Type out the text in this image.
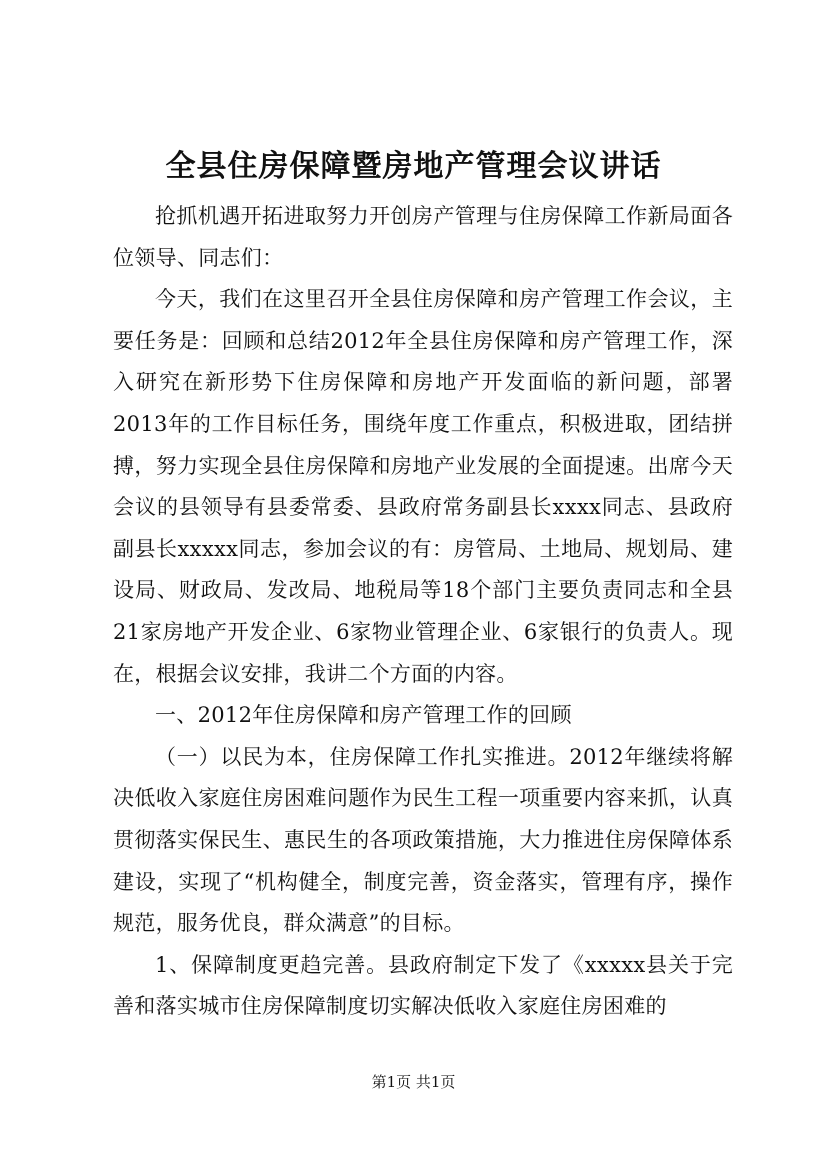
全县住房保障暨房地产管理会议讲话

抢抓机遇开拓进取努力开创房产管理与住房保障工作新局面各位领导、同志们：

今天，我们在这里召开全县住房保障和房产管理工作会议，主要任务是：回顾和总结2012年全县住房保障和房产管理工作，深入研究在新形势下住房保障和房地产开发面临的新问题，部署2013年的工作目标任务，围绕年度工作重点，积极进取，团结拼搏，努力实现全县住房保障和房地产业发展的全面提速。出席今天会议的县领导有县委常委、县政府常务副县长xxxx同志、县政府副县长xxxxx同志，参加会议的有：房管局、土地局、规划局、建设局、财政局、发改局、地税局等18个部门主要负责同志和全县21家房地产开发企业、6家物业管理企业、6家银行的负责人。现在，根据会议安排，我讲二个方面的内容。

一、2012年住房保障和房产管理工作的回顾

（一）以民为本，住房保障工作扎实推进。2012年继续将解决低收入家庭住房困难问题作为民生工程一项重要内容来抓，认真贯彻落实保民生、惠民生的各项政策措施，大力推进住房保障体系建设，实现了“机构健全，制度完善，资金落实，管理有序，操作规范，服务优良，群众满意”的目标。

1、保障制度更趋完善。县政府制定下发了《xxxxx县关于完善和落实城市住房保障制度切实解决低收入家庭住房困难的

第1页 共1页
